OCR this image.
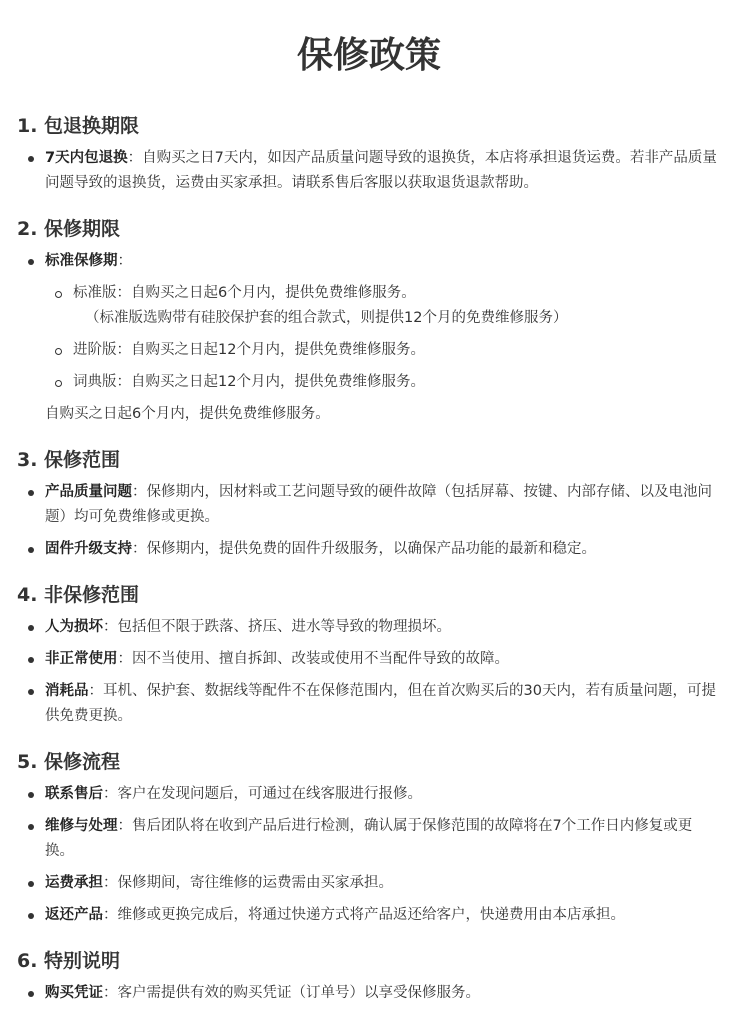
保修政策
1. 包退换期限
7天内包退换：自购买之日7天内，如因产品质量问题导致的退换货，本店将承担退货运费。若非产品质量问题导致的退换货，运费由买家承担。请联系售后客服以获取退货退款帮助。
2. 保修期限
标准保修期：
标准版：自购买之日起6个月内，提供免费维修服务。
（标准版选购带有硅胶保护套的组合款式，则提供12个月的免费维修服务）
进阶版：自购买之日起12个月内，提供免费维修服务。
词典版：自购买之日起12个月内，提供免费维修服务。
自购买之日起6个月内，提供免费维修服务。
3. 保修范围
产品质量问题：保修期内，因材料或工艺问题导致的硬件故障（包括屏幕、按键、内部存储、以及电池问题）均可免费维修或更换。
固件升级支持：保修期内，提供免费的固件升级服务，以确保产品功能的最新和稳定。
4. 非保修范围
人为损坏：包括但不限于跌落、挤压、进水等导致的物理损坏。
非正常使用：因不当使用、擅自拆卸、改装或使用不当配件导致的故障。
消耗品：耳机、保护套、数据线等配件不在保修范围内，但在首次购买后的30天内，若有质量问题，可提供免费更换。
5. 保修流程
联系售后：客户在发现问题后，可通过在线客服进行报修。
维修与处理：售后团队将在收到产品后进行检测，确认属于保修范围的故障将在7个工作日内修复或更换。
运费承担：保修期间，寄往维修的运费需由买家承担。
返还产品：维修或更换完成后，将通过快递方式将产品返还给客户，快递费用由本店承担。
6. 特别说明
购买凭证：客户需提供有效的购买凭证（订单号）以享受保修服务。
